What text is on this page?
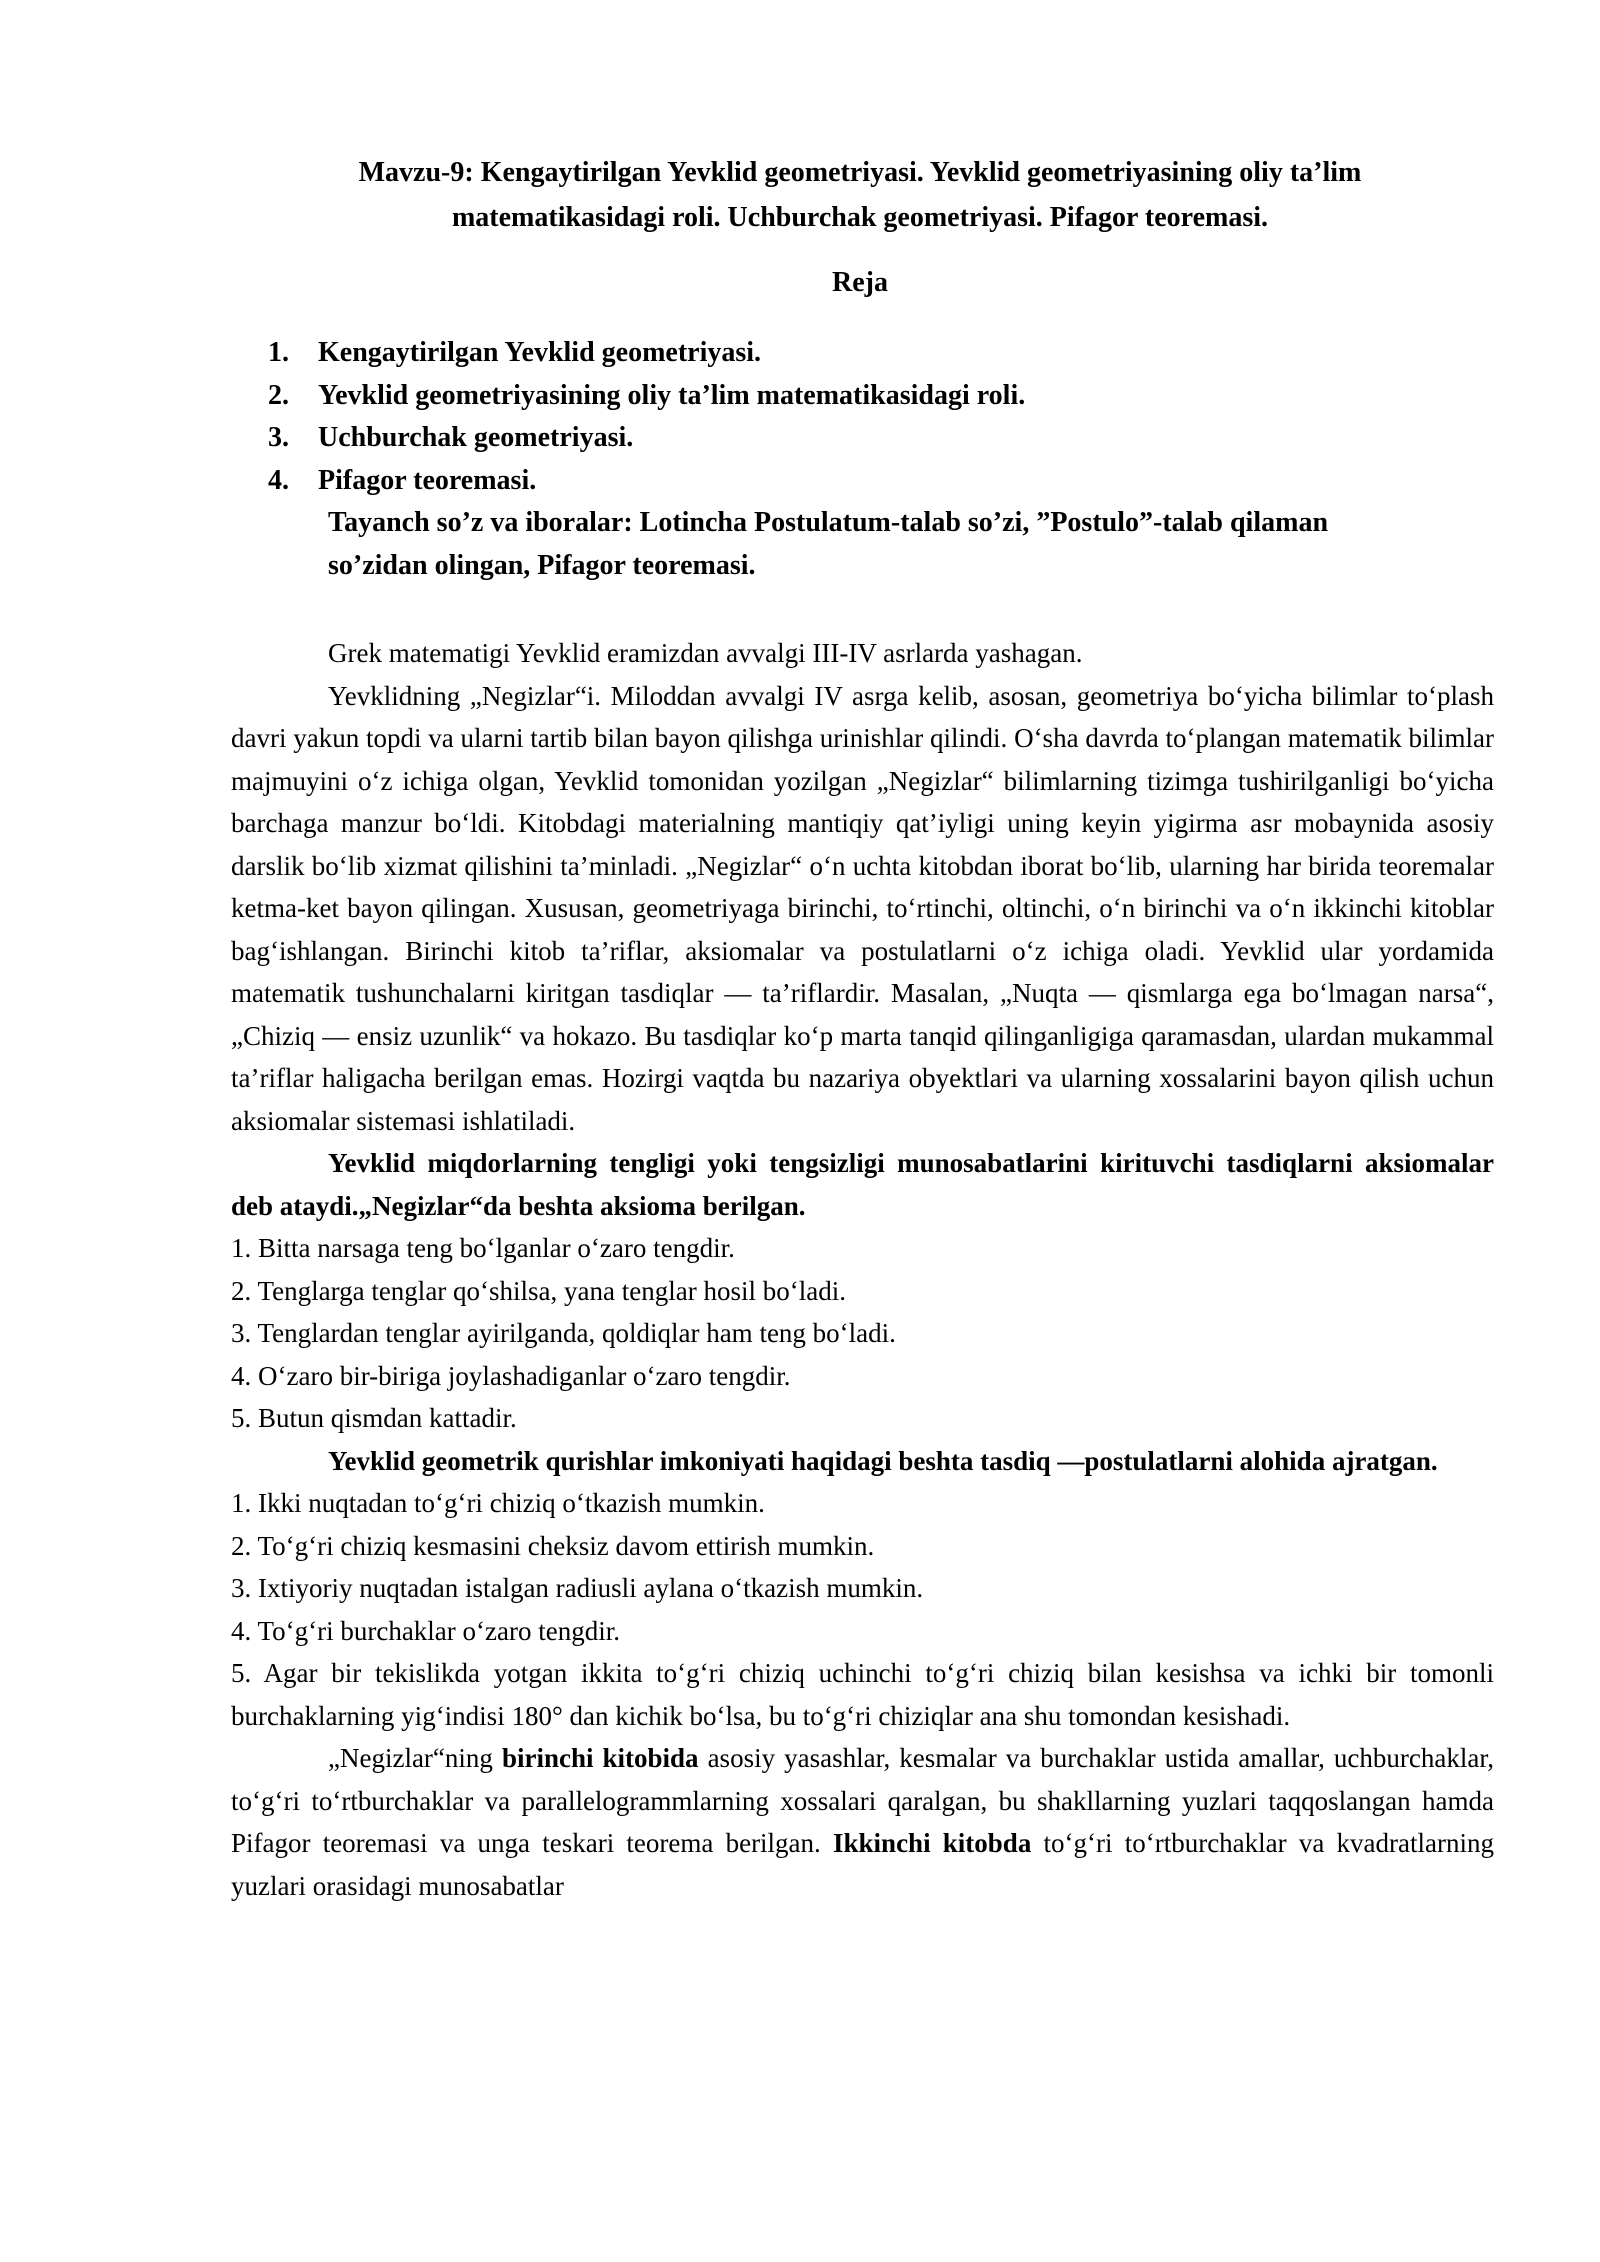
Mavzu-9: Kengaytirilgan Yevklid geometriyasi. Yevklid geometriyasining oliy ta’lim
matematikasidagi roli. Uchburchak geometriyasi. Pifagor teoremasi.
Reja
1.	Kengaytirilgan Yevklid geometriyasi.
2.	Yevklid geometriyasining oliy ta’lim matematikasidagi roli.
3.	Uchburchak geometriyasi.
4.	Pifagor teoremasi.
Tayanch so’z va iboralar: Lotincha Postulatum-talab so’zi, ”Postulo”-talab qilaman so’zidan olingan, Pifagor teoremasi.

Grek matematigi Yevklid eramizdan avvalgi III-IV asrlarda yashagan.

Yevklidning „Negizlar“i. Miloddan avvalgi IV asrga kelib, asosan, geometriya bo‘yicha bilimlar to‘plash davri yakun topdi va ularni tartib bilan bayon qilishga urinishlar qilindi. O‘sha davrda to‘plangan matematik bilimlar majmuyini o‘z ichiga olgan, Yevklid tomonidan yozilgan „Negizlar“ bilimlarning tizimga tushirilganligi bo‘yicha barchaga manzur bo‘ldi. Kitobdagi materialning mantiqiy qat’iyligi uning keyin yigirma asr mobaynida asosiy darslik bo‘lib xizmat qilishini ta’minladi. „Negizlar“ o‘n uchta kitobdan iborat bo‘lib, ularning har birida teoremalar ketma-ket bayon qilingan. Xususan, geometriyaga birinchi, to‘rtinchi, oltinchi, o‘n birinchi va o‘n ikkinchi kitoblar bag‘ishlangan. Birinchi kitob ta’riflar, aksiomalar va postulatlarni o‘z ichiga oladi. Yevklid ular yordamida matematik tushunchalarni kiritgan tasdiqlar — ta’riflardir. Masalan, „Nuqta — qismlarga ega bo‘lmagan narsa“, „Chiziq — ensiz uzunlik“ va hokazo. Bu tasdiqlar ko‘p marta tanqid qilinganligiga qaramasdan, ulardan mukammal ta’riflar haligacha berilgan emas. Hozirgi vaqtda bu nazariya obyektlari va ularning xossalarini bayon qilish uchun aksiomalar sistemasi ishlatiladi.

Yevklid miqdorlarning tengligi yoki tengsizligi munosabatlarini kirituvchi tasdiqlarni aksiomalar deb ataydi.„Negizlar“da beshta aksioma berilgan.

1. Bitta narsaga teng bo‘lganlar o‘zaro tengdir.

2. Tenglarga tenglar qo‘shilsa, yana tenglar hosil bo‘ladi.

3. Tenglardan tenglar ayirilganda, qoldiqlar ham teng bo‘ladi.

4. O‘zaro bir-biriga joylashadiganlar o‘zaro tengdir.

5. Butun qismdan kattadir.

Yevklid geometrik qurishlar imkoniyati haqidagi beshta tasdiq —postulatlarni alohida ajratgan.

1. Ikki nuqtadan to‘g‘ri chiziq o‘tkazish mumkin.

2. To‘g‘ri chiziq kesmasini cheksiz davom ettirish mumkin.

3. Ixtiyoriy nuqtadan istalgan radiusli aylana o‘tkazish mumkin.

4. To‘g‘ri burchaklar o‘zaro tengdir.

5. Agar bir tekislikda yotgan ikkita to‘g‘ri chiziq uchinchi to‘g‘ri chiziq bilan kesishsa va ichki bir tomonli burchaklarning yig‘indisi 180° dan kichik bo‘lsa, bu to‘g‘ri chiziqlar ana shu tomondan kesishadi.

„Negizlar“ning birinchi kitobida asosiy yasashlar, kesmalar va burchaklar ustida amallar, uchburchaklar, to‘g‘ri to‘rtburchaklar va parallelogrammlarning xossalari qaralgan, bu shakllarning yuzlari taqqoslangan hamda Pifagor teoremasi va unga teskari teorema berilgan. Ikkinchi kitobda to‘g‘ri to‘rtburchaklar va kvadratlarning yuzlari orasidagi munosabatlar
